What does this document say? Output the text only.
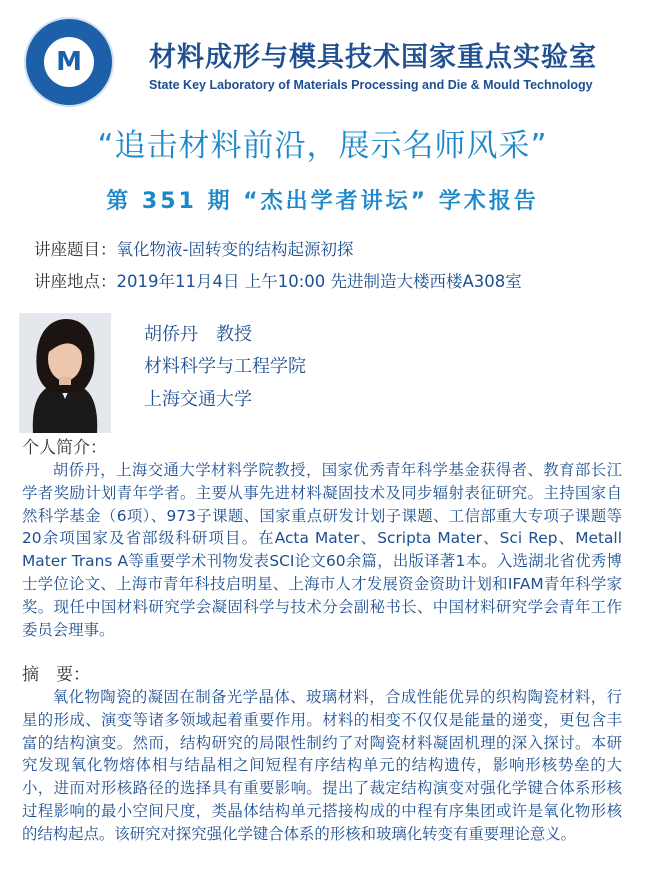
M 材料成形与模具技术国家重点实验室
State Key Laboratory of Materials Processing and Die & Mould Technology
“追击材料前沿，展示名师风采”
第 351 期 “杰出学者讲坛” 学术报告
讲座题目：氧化物液-固转变的结构起源初探
讲座地点：2019年11月4日 上午10:00 先进制造大楼西楼A308室
胡侨丹　教授
材料科学与工程学院
上海交通大学
个人简介：

胡侨丹，上海交通大学材料学院教授，国家优秀青年科学基金获得者、教育部长江学者奖励计划青年学者。主要从事先进材料凝固技术及同步辐射表征研究。主持国家自然科学基金（6项）、973子课题、国家重点研发计划子课题、工信部重大专项子课题等20余项国家及省部级科研项目。在Acta Mater、Scripta Mater、Sci Rep、Metall Mater Trans A等重要学术刊物发表SCI论文60余篇，出版译著1本。入选湖北省优秀博士学位论文、上海市青年科技启明星、上海市人才发展资金资助计划和IFAM青年科学家奖。现任中国材料研究学会凝固科学与技术分会副秘书长、中国材料研究学会青年工作委员会理事。

摘　要：

氧化物陶瓷的凝固在制备光学晶体、玻璃材料，合成性能优异的织构陶瓷材料，行星的形成、演变等诸多领域起着重要作用。材料的相变不仅仅是能量的递变，更包含丰富的结构演变。然而，结构研究的局限性制约了对陶瓷材料凝固机理的深入探讨。本研究发现氧化物熔体相与结晶相之间短程有序结构单元的结构遗传，影响形核势垒的大小，进而对形核路径的选择具有重要影响。提出了裁定结构演变对强化学键合体系形核过程影响的最小空间尺度，类晶体结构单元搭接构成的中程有序集团或许是氧化物形核的结构起点。该研究对探究强化学键合体系的形核和玻璃化转变有重要理论意义。
